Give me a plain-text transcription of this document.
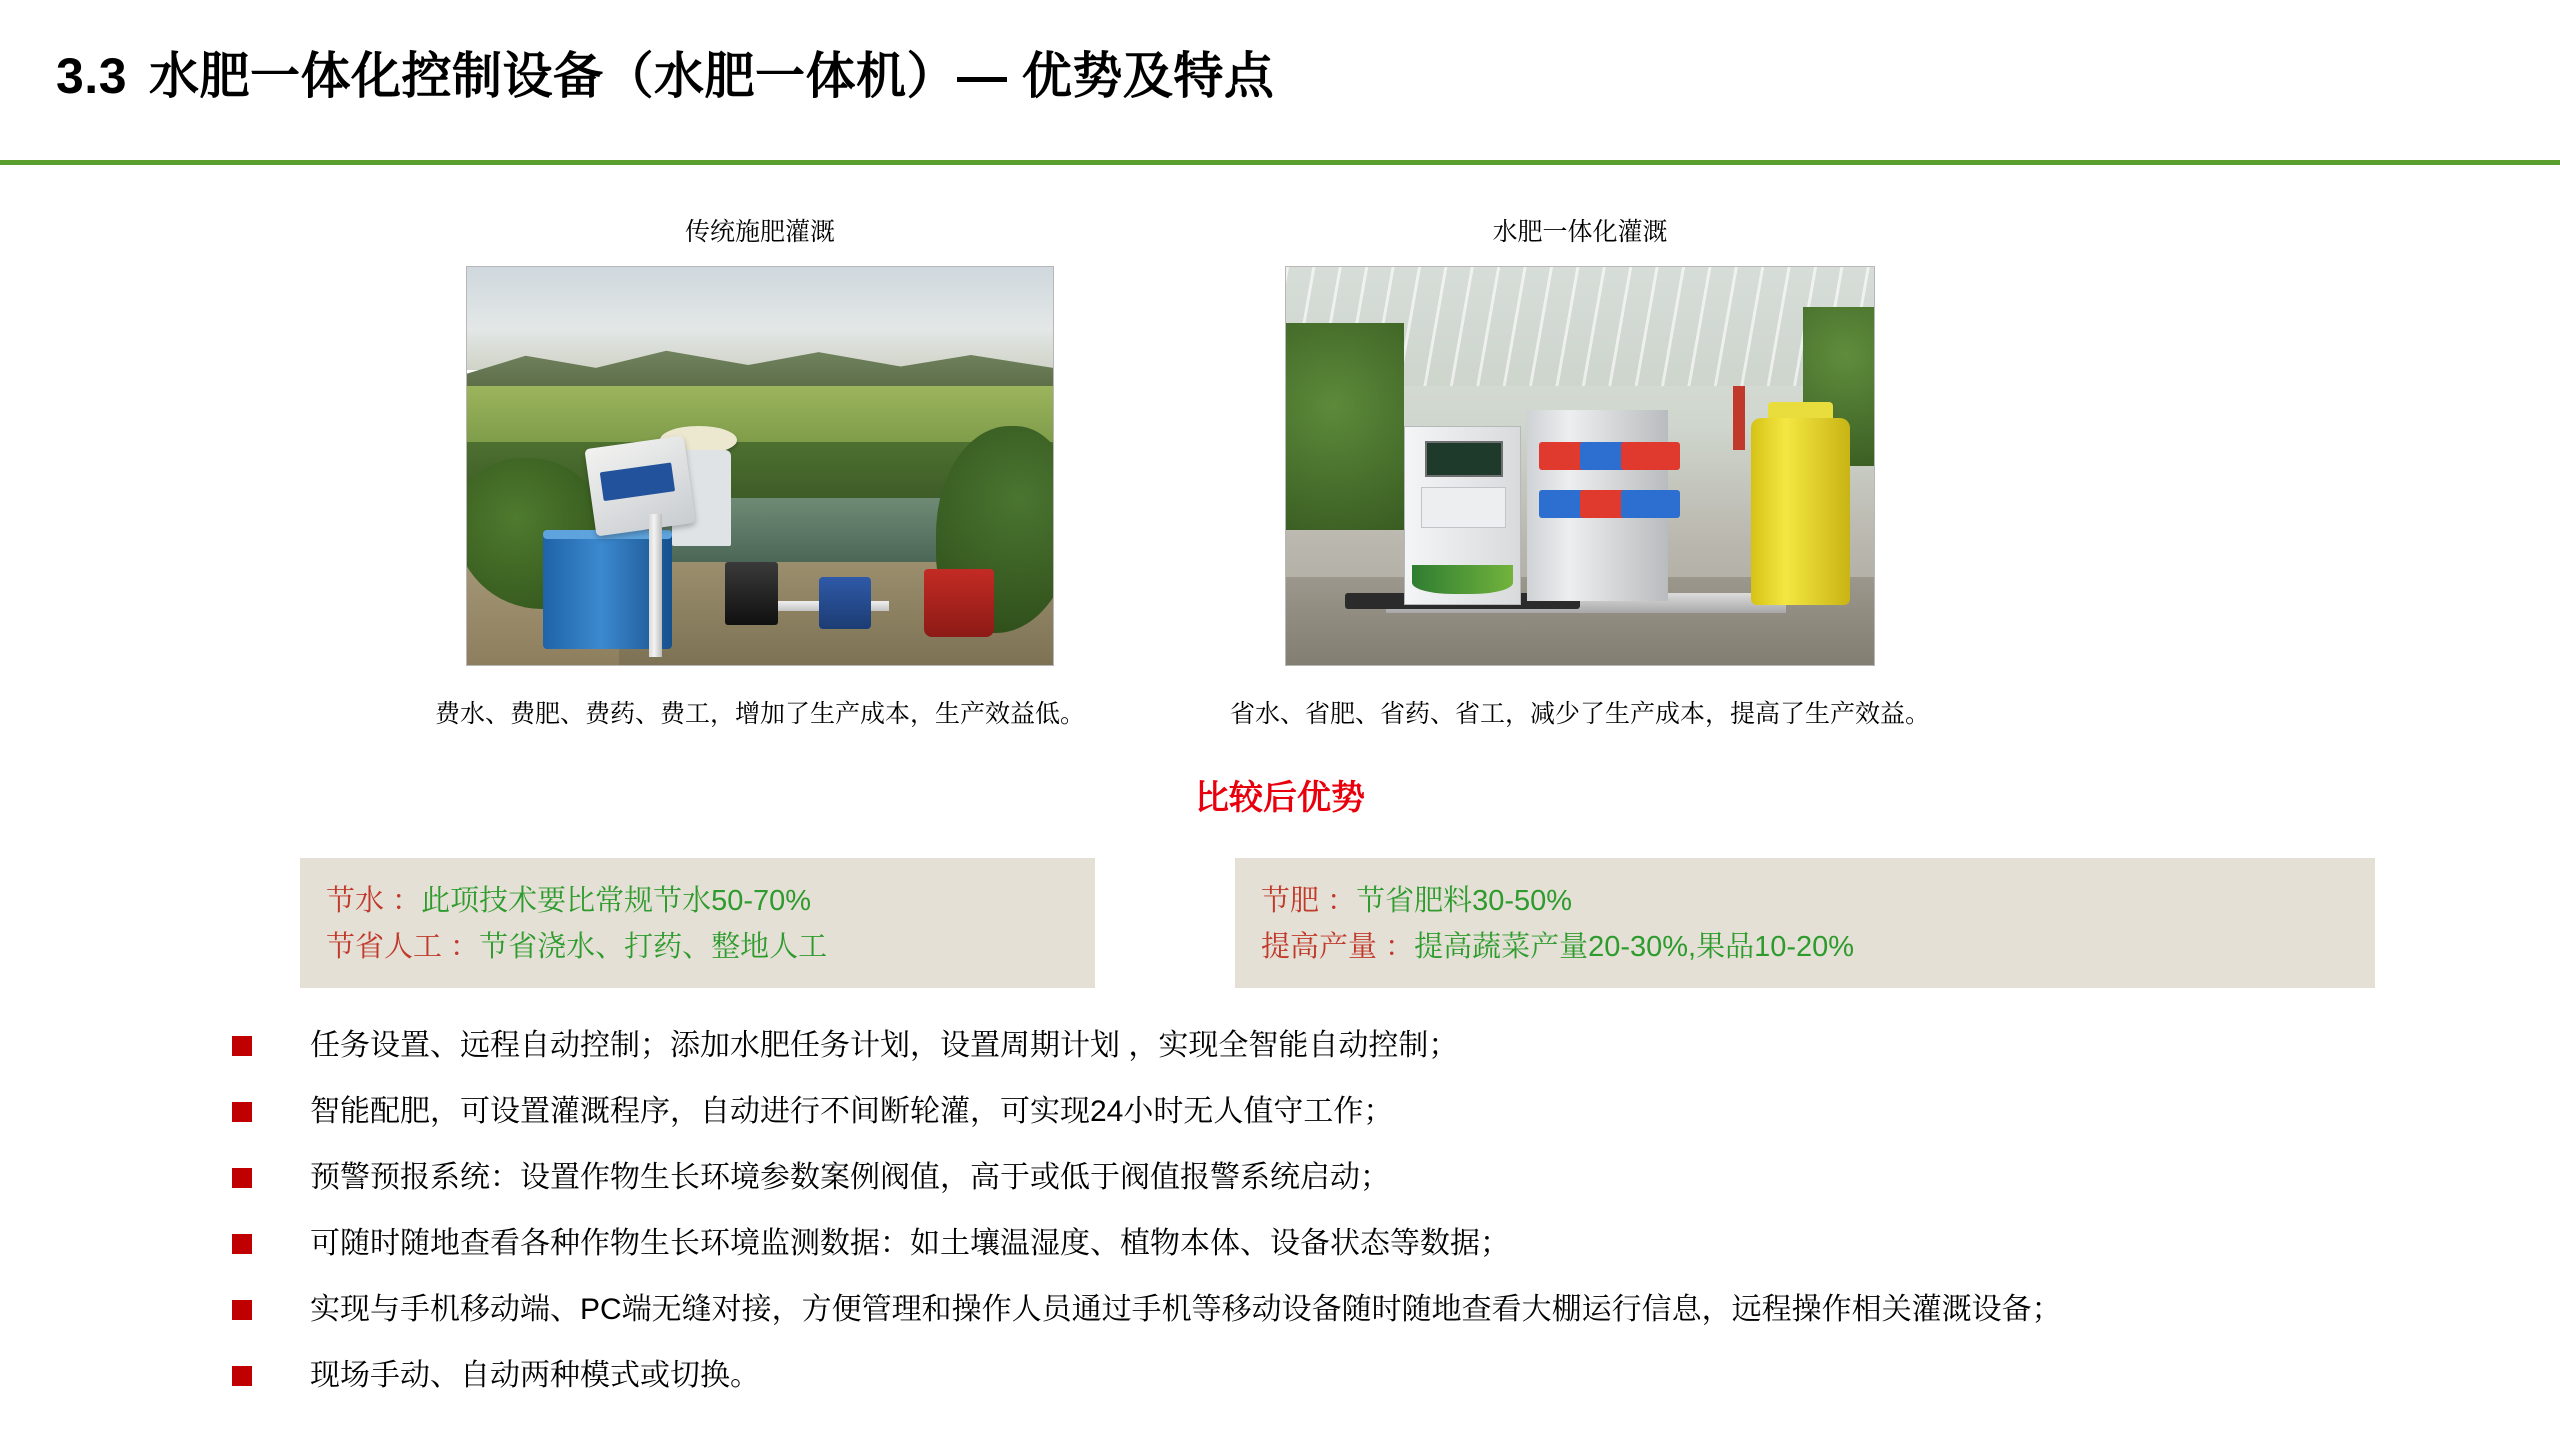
3.3 水肥一体化控制设备（水肥一体机）— 优势及特点
传统施肥灌溉
费水、费肥、费药、费工，增加了生产成本，生产效益低。
水肥一体化灌溉
省水、省肥、省药、省工，减少了生产成本，提高了生产效益。
比较后优势
节水 ：此项技术要比常规节水50-70%
节省人工 ：节省浇水、打药、整地人工
节肥 ：节省肥料30-50%
提高产量 ：提高蔬菜产量20-30%,果品10-20%
任务设置、远程自动控制；添加水肥任务计划，设置周期计划 ，实现全智能自动控制；
智能配肥，可设置灌溉程序，自动进行不间断轮灌，可实现24小时无人值守工作；
预警预报系统：设置作物生长环境参数案例阀值，高于或低于阀值报警系统启动；
可随时随地查看各种作物生长环境监测数据：如土壤温湿度、植物本体、设备状态等数据；
实现与手机移动端、PC端无缝对接，方便管理和操作人员通过手机等移动设备随时随地查看大棚运行信息，远程操作相关灌溉设备；
现场手动、自动两种模式或切换。
